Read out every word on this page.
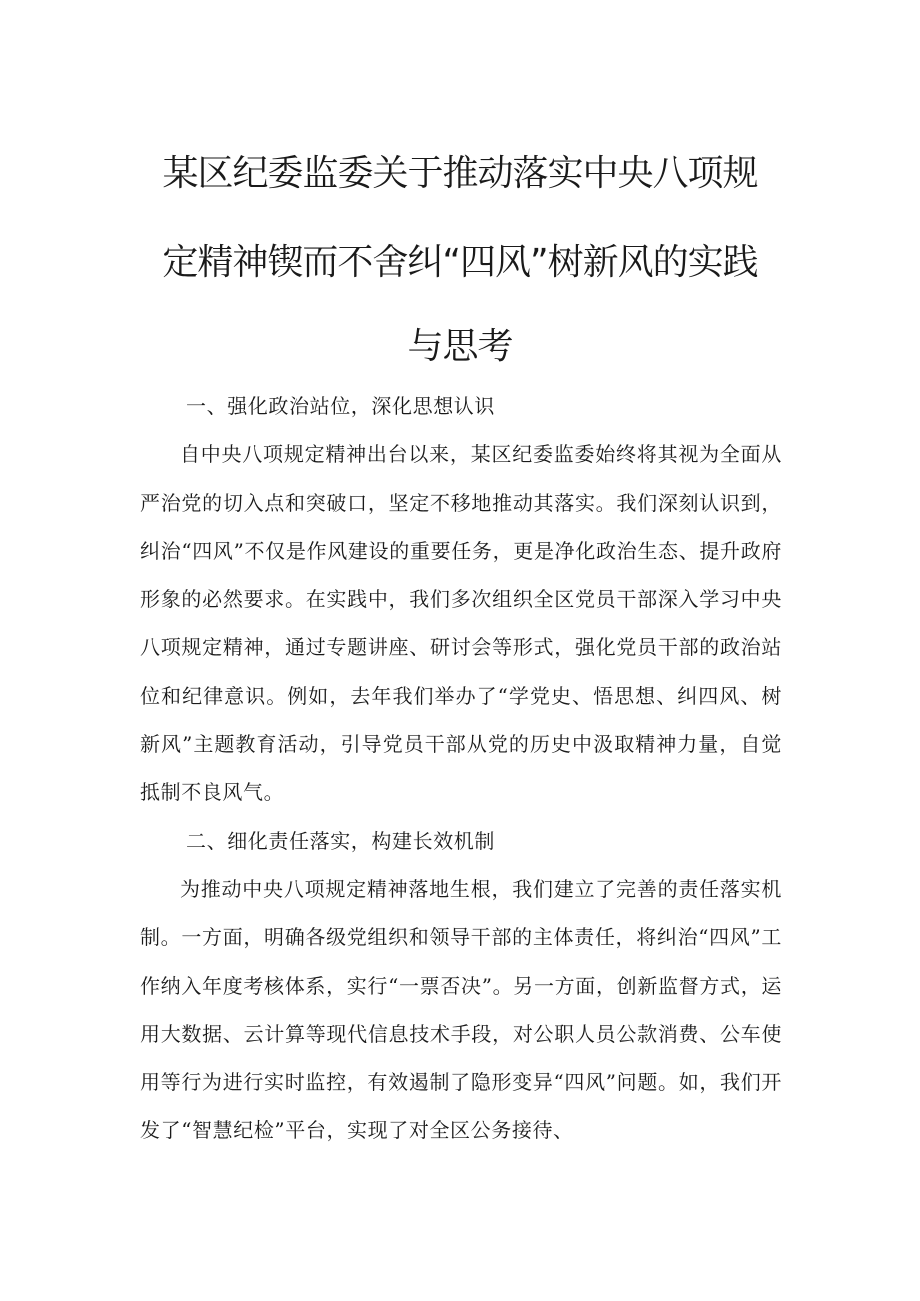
某区纪委监委关于推动落实中央八项规
定精神锲而不舍纠“四风”树新风的实践
与思考

一、强化政治站位，深化思想认识

自中央八项规定精神出台以来，某区纪委监委始终将其视为全面从严治党的切入点和突破口，坚定不移地推动其落实。我们深刻认识到，纠治“四风”不仅是作风建设的重要任务，更是净化政治生态、提升政府形象的必然要求。在实践中，我们多次组织全区党员干部深入学习中央八项规定精神，通过专题讲座、研讨会等形式，强化党员干部的政治站位和纪律意识。例如，去年我们举办了“学党史、悟思想、纠四风、树新风”主题教育活动，引导党员干部从党的历史中汲取精神力量，自觉抵制不良风气。

二、细化责任落实，构建长效机制

为推动中央八项规定精神落地生根，我们建立了完善的责任落实机制。一方面，明确各级党组织和领导干部的主体责任，将纠治“四风”工作纳入年度考核体系，实行“一票否决”。另一方面，创新监督方式，运用大数据、云计算等现代信息技术手段，对公职人员公款消费、公车使用等行为进行实时监控，有效遏制了隐形变异“四风”问题。如，我们开发了“智慧纪检”平台，实现了对全区公务接待、
